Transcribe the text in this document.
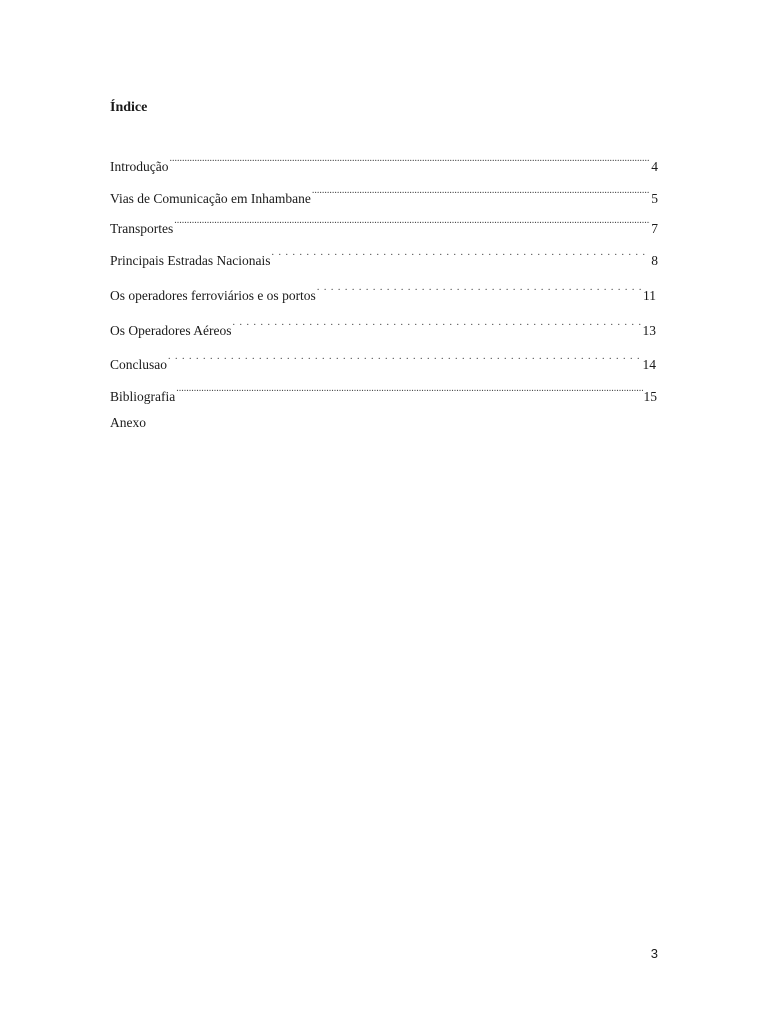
Índice
Introdução .....	4
Vias de Comunicação em Inhambane .....	5
Transportes .....	7
Principais Estradas Nacionais . . .	8
Os operadores ferroviários e os portos . . .	11
Os Operadores Aéreos . . .	13
Conclusao . . .	14
Bibliografia .....	15
Anexo

3
